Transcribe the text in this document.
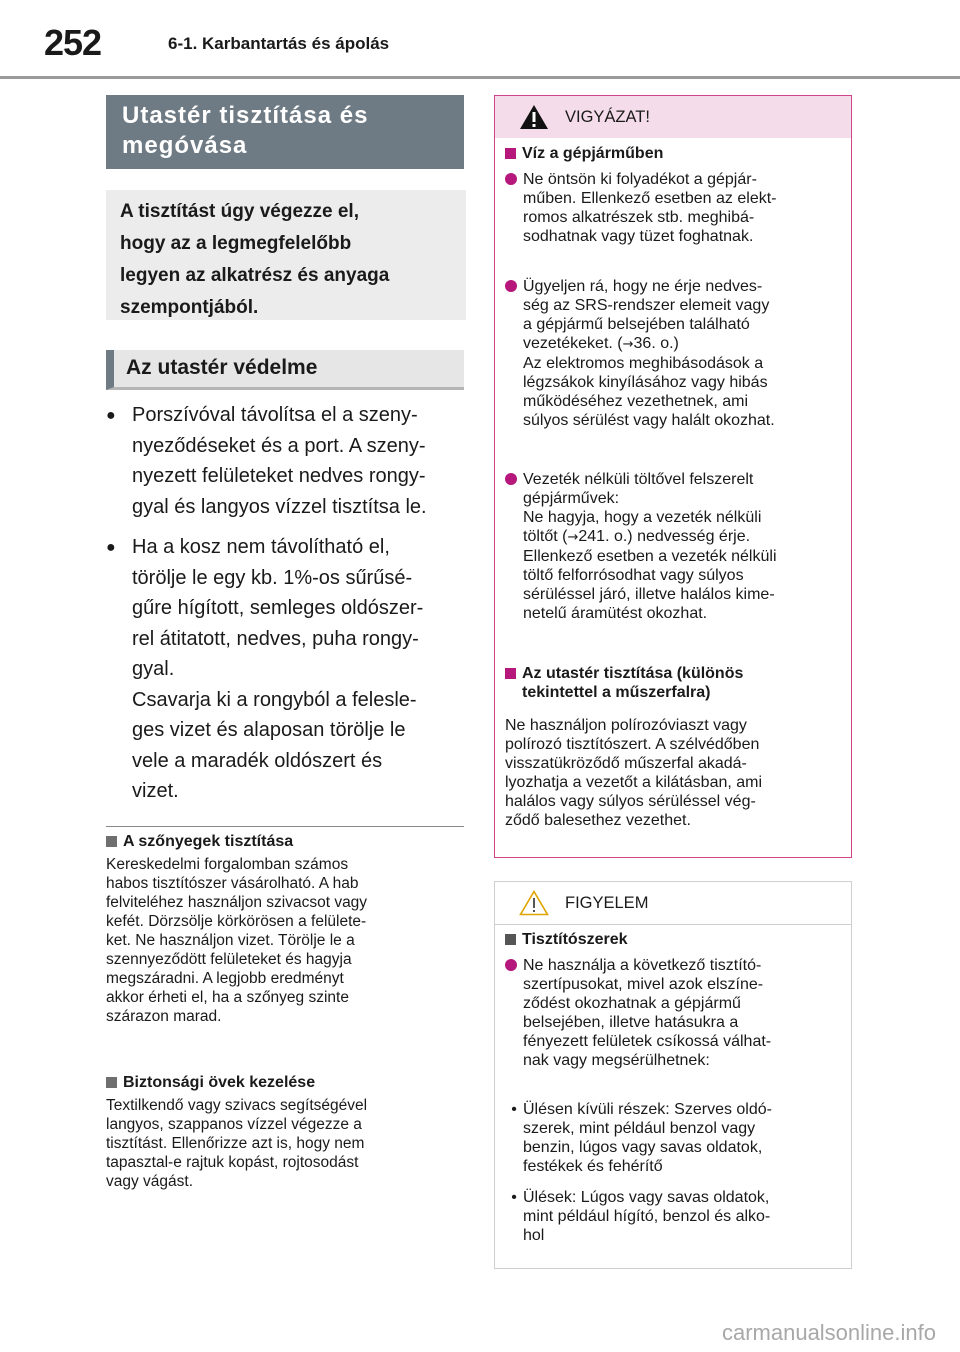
252	6-1. Karbantartás és ápolás
Utastér tisztítása és
megóvása
A tisztítást úgy végezze el,
hogy az a legmegfelelőbb
legyen az alkatrész és anyaga
szempontjából.
Az utastér védelme
● Porszívóval távolítsa el a szeny-
nyeződéseket és a port. A szeny-
nyezett felületeket nedves rongy-
gyal és langyos vízzel tisztítsa le.
● Ha a kosz nem távolítható el,
törölje le egy kb. 1%-os sűrűsé-
gűre hígított, semleges oldószer-
rel átitatott, nedves, puha rongy-
gyal.
Csavarja ki a rongyból a felesle-
ges vizet és alaposan törölje le
vele a maradék oldószert és
vizet.
A szőnyegek tisztítása
Kereskedelmi forgalomban számos
habos tisztítószer vásárolható. A hab
felviteléhez használjon szivacsot vagy
kefét. Dörzsölje körkörösen a felülete-
ket. Ne használjon vizet. Törölje le a
szennyeződött felületeket és hagyja
megszáradni. A legjobb eredményt
akkor érheti el, ha a szőnyeg szinte
szárazon marad.
Biztonsági övek kezelése
Textilkendő vagy szivacs segítségével
langyos, szappanos vízzel végezze a
tisztítást. Ellenőrizze azt is, hogy nem
tapasztal-e rajtuk kopást, rojtosodást
vagy vágást.
VIGYÁZAT!
Víz a gépjárműben
Ne öntsön ki folyadékot a gépjár-
műben. Ellenkező esetben az elekt-
romos alkatrészek stb. meghibá-
sodhatnak vagy tüzet foghatnak.
Ügyeljen rá, hogy ne érje nedves-
ség az SRS-rendszer elemeit vagy
a gépjármű belsejében található
vezetékeket. (→36. o.)
Az elektromos meghibásodások a
légzsákok kinyílásához vagy hibás
működéséhez vezethetnek, ami
súlyos sérülést vagy halált okozhat.
Vezeték nélküli töltővel felszerelt
gépjárművek:
Ne hagyja, hogy a vezeték nélküli
töltőt (→241. o.) nedvesség érje.
Ellenkező esetben a vezeték nélküli
töltő felforrósodhat vagy súlyos
sérüléssel járó, illetve halálos kime-
netelű áramütést okozhat.
Az utastér tisztítása (különös
tekintettel a műszerfalra)
Ne használjon polírozóviaszt vagy
polírozó tisztítószert. A szélvédőben
visszatükröződő műszerfal akadá-
lyozhatja a vezetőt a kilátásban, ami
halálos vagy súlyos sérüléssel vég-
ződő balesethez vezethet.
FIGYELEM
Tisztítószerek
Ne használja a következő tisztító-
szertípusokat, mivel azok elszíne-
ződést okozhatnak a gépjármű
belsejében, illetve hatásukra a
fényezett felületek csíkossá válhat-
nak vagy megsérülhetnek:
• Ülésen kívüli részek: Szerves oldó-
szerek, mint például benzol vagy
benzin, lúgos vagy savas oldatok,
festékek és fehérítő
• Ülések: Lúgos vagy savas oldatok,
mint például hígító, benzol és alko-
hol
carmanualsonline.info
